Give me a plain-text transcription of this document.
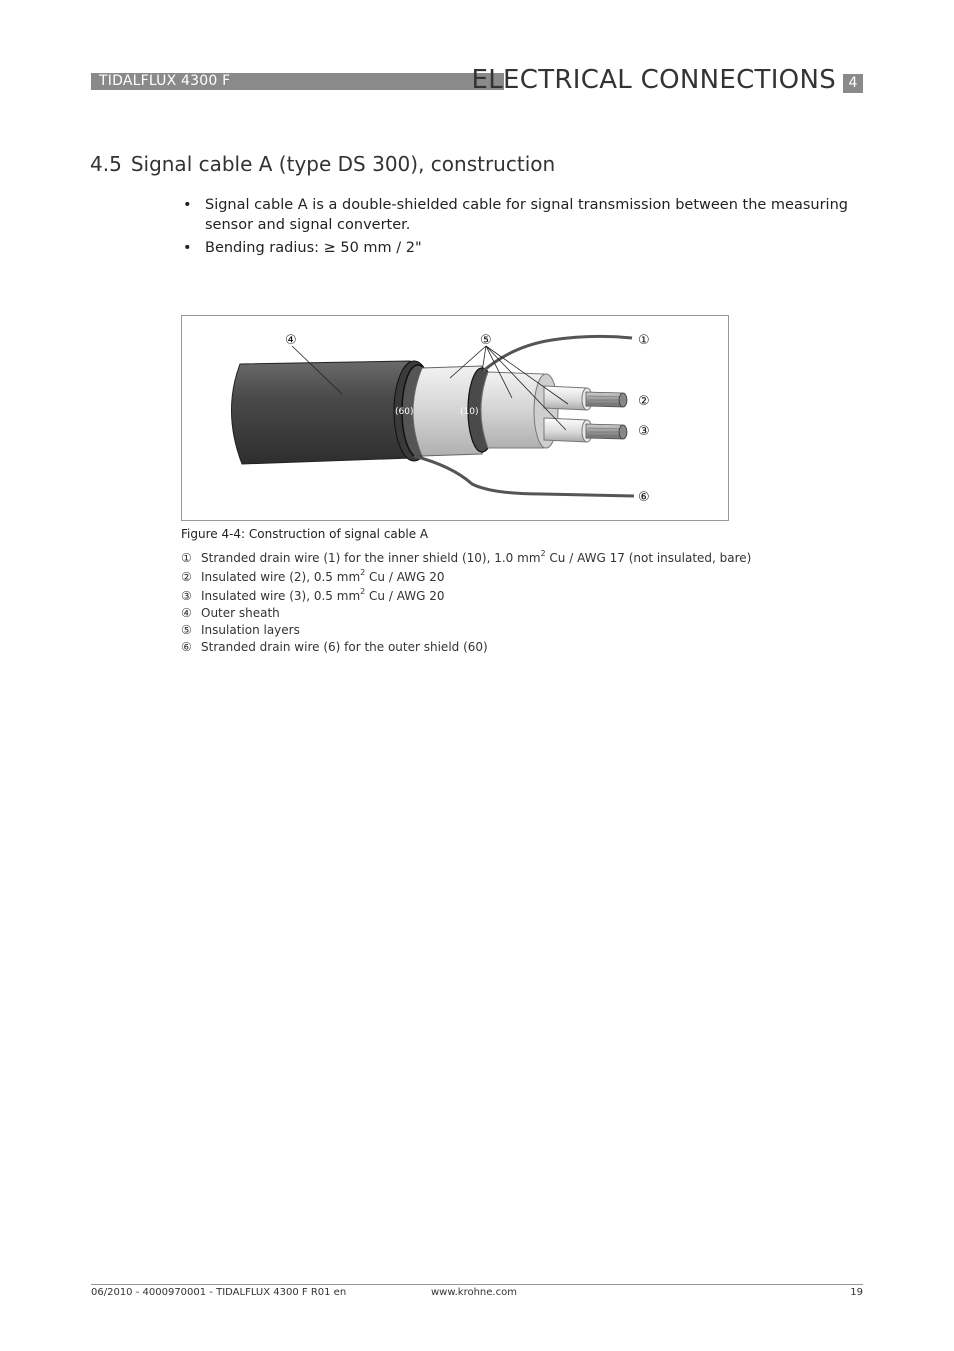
TIDALFLUX 4300 F	ELECTRICAL CONNECTIONS 4
4.5 Signal cable A (type DS 300), construction
• Signal cable A is a double-shielded cable for signal transmission between the measuring sensor and signal converter.
• Bending radius: ≥ 50 mm / 2"
(60)	(10)
④	⑤	①
②
③
⑥
Figure 4-4: Construction of signal cable A
① Stranded drain wire (1) for the inner shield (10), 1.0 $mm^2$ Cu / AWG 17 (not insulated, bare)
② Insulated wire (2), 0.5 $mm^2$ Cu / AWG 20
③ Insulated wire (3), 0.5 $mm^2$ Cu / AWG 20
④ Outer sheath
⑤ Insulation layers
⑥ Stranded drain wire (6) for the outer shield (60)
06/2010 - 4000970001 - TIDALFLUX 4300 F R01 en	www.krohne.com	19
